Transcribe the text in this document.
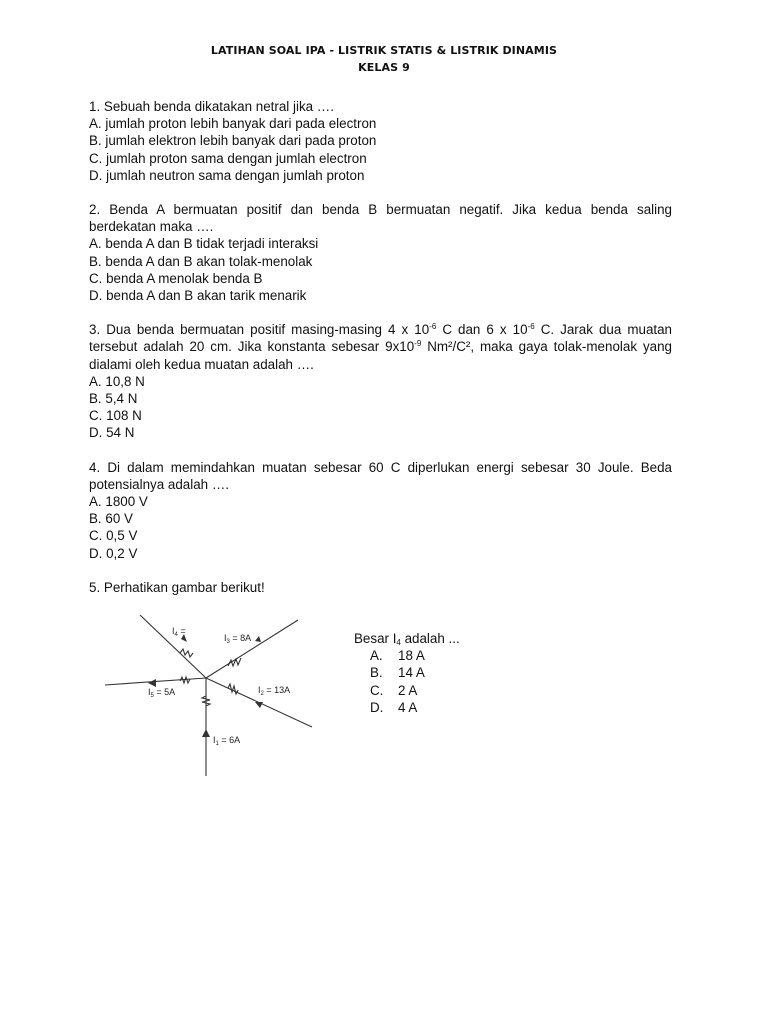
LATIHAN SOAL IPA - LISTRIK STATIS & LISTRIK DINAMIS
KELAS 9

1. Sebuah benda dikatakan netral jika ….

A. jumlah proton lebih banyak dari pada electron

B. jumlah elektron lebih banyak dari pada proton

C. jumlah proton sama dengan jumlah electron

D. jumlah neutron sama dengan jumlah proton

2. Benda A bermuatan positif dan benda B bermuatan negatif. Jika kedua benda saling berdekatan maka ….

A. benda A dan B tidak terjadi interaksi

B. benda A dan B akan tolak-menolak

C. benda A menolak benda B

D. benda A dan B akan tarik menarik

3. Dua benda bermuatan positif masing-masing 4 x $10^{-6}$ C dan 6 x $10^{-6}$ C. Jarak dua muatan tersebut adalah 20 cm. Jika konstanta sebesar $9x10^{-9}$ Nm²/C², maka gaya tolak-menolak yang dialami oleh kedua muatan adalah ….

A. 10,8 N

B. 5,4 N

C. 108 N

D. 54 N

4. Di dalam memindahkan muatan sebesar 60 C diperlukan energi sebesar 30 Joule. Beda potensialnya adalah ….

A. 1800 V

B. 60 V

C. 0,5 V

D. 0,2 V

5. Perhatikan gambar berikut!

$I_4$ =
$I_3 = 8A$
$I_5 = 5A$	$I_2 = 13A$
$I_1 = 6A$
Besar $I_4$ adalah ...
A. 18 A
B. 14 A
C. 2 A
D. 4 A
